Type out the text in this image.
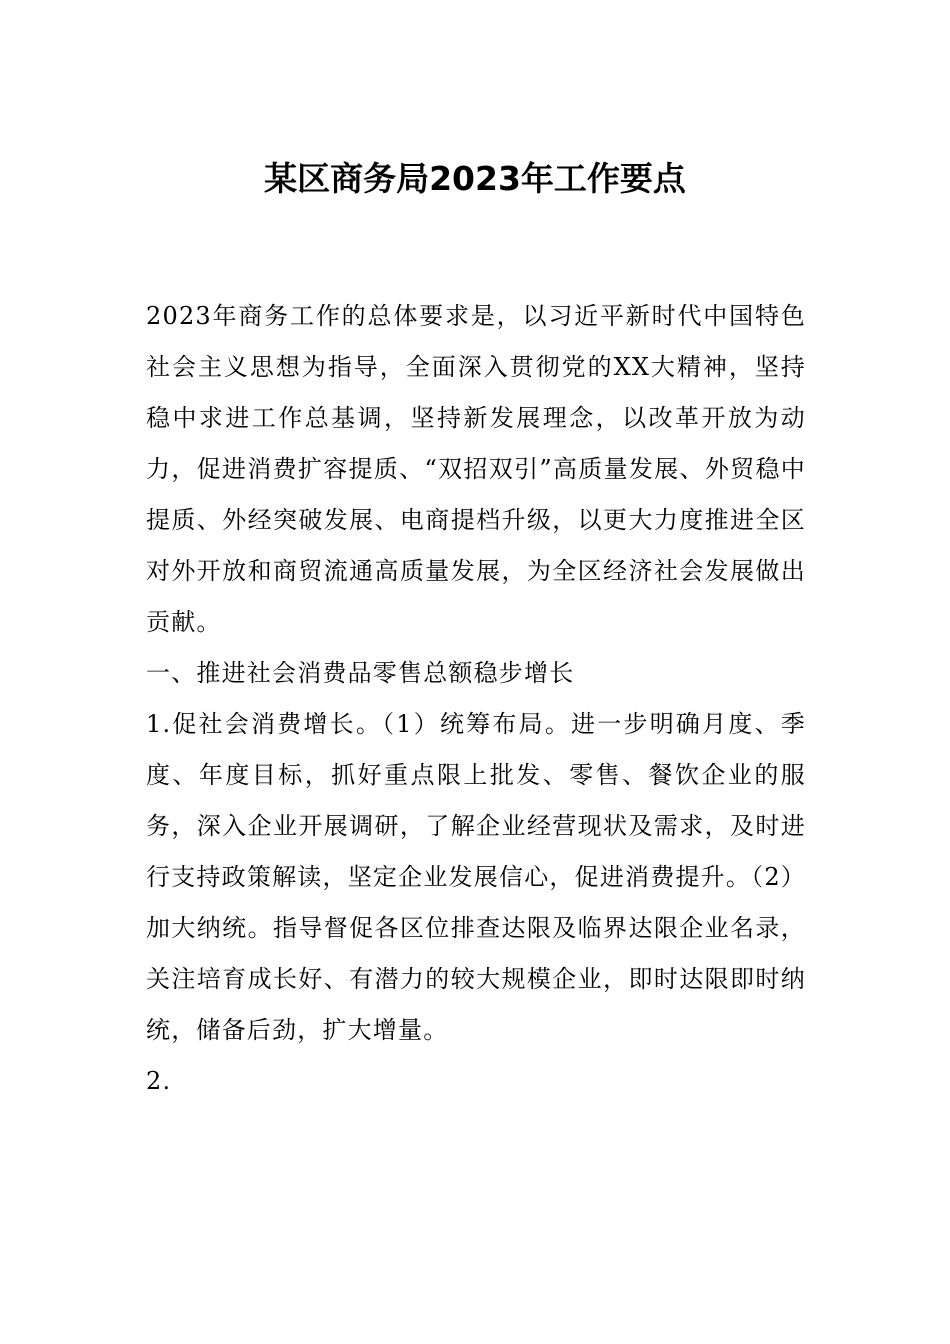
某区商务局2023年工作要点

2023年商务工作的总体要求是，以习近平新时代中国特色社会主义思想为指导，全面深入贯彻党的XX大精神，坚持稳中求进工作总基调，坚持新发展理念，以改革开放为动力，促进消费扩容提质、“双招双引”高质量发展、外贸稳中提质、外经突破发展、电商提档升级，以更大力度推进全区对外开放和商贸流通高质量发展，为全区经济社会发展做出贡献。

一、推进社会消费品零售总额稳步增长

1.促社会消费增长。（1）统筹布局。进一步明确月度、季度、年度目标，抓好重点限上批发、零售、餐饮企业的服务，深入企业开展调研，了解企业经营现状及需求，及时进行支持政策解读，坚定企业发展信心，促进消费提升。（2）加大纳统。指导督促各区位排查达限及临界达限企业名录，关注培育成长好、有潜力的较大规模企业，即时达限即时纳统，储备后劲，扩大增量。

2.
